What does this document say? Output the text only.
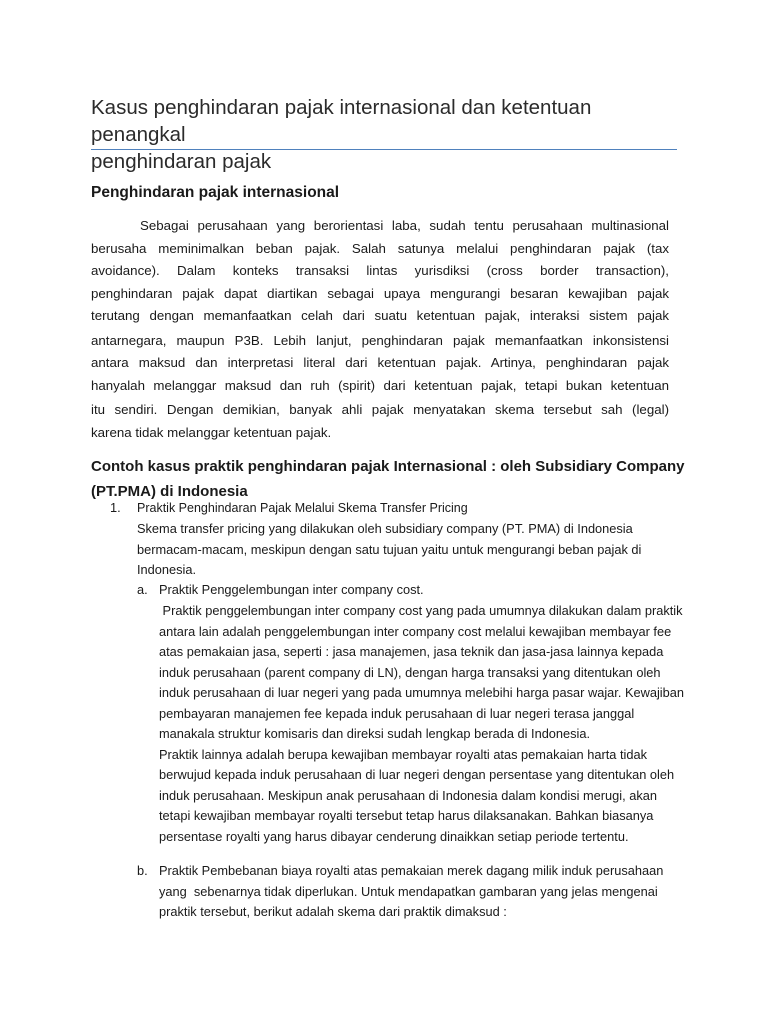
Kasus penghindaran pajak internasional dan ketentuan penangkal
penghindaran pajak
Penghindaran pajak internasional
Sebagai perusahaan yang berorientasi laba, sudah tentu perusahaan multinasional
berusaha meminimalkan beban pajak. Salah satunya melalui penghindaran pajak (tax
avoidance). Dalam konteks transaksi lintas yurisdiksi (cross border transaction),
penghindaran pajak dapat diartikan sebagai upaya mengurangi besaran kewajiban pajak
terutang dengan memanfaatkan celah dari suatu ketentuan pajak, interaksi sistem pajak
antarnegara, maupun P3B. Lebih lanjut, penghindaran pajak memanfaatkan inkonsistensi
antara maksud dan interpretasi literal dari ketentuan pajak. Artinya, penghindaran pajak
hanyalah melanggar maksud dan ruh (spirit) dari ketentuan pajak, tetapi bukan ketentuan
itu sendiri. Dengan demikian, banyak ahli pajak menyatakan skema tersebut sah (legal)
karena tidak melanggar ketentuan pajak.
Contoh kasus praktik penghindaran pajak Internasional : oleh Subsidiary Company
(PT.PMA) di Indonesia
1. Praktik Penghindaran Pajak Melalui Skema Transfer Pricing
Skema transfer pricing yang dilakukan oleh subsidiary company (PT. PMA) di Indonesia
bermacam-macam, meskipun dengan satu tujuan yaitu untuk mengurangi beban pajak di
Indonesia.
a. Praktik Penggelembungan inter company cost.
Praktik penggelembungan inter company cost yang pada umumnya dilakukan dalam praktik
antara lain adalah penggelembungan inter company cost melalui kewajiban membayar fee
atas pemakaian jasa, seperti : jasa manajemen, jasa teknik dan jasa-jasa lainnya kepada
induk perusahaan (parent company di LN), dengan harga transaksi yang ditentukan oleh
induk perusahaan di luar negeri yang pada umumnya melebihi harga pasar wajar. Kewajiban
pembayaran manajemen fee kepada induk perusahaan di luar negeri terasa janggal
manakala struktur komisaris dan direksi sudah lengkap berada di Indonesia.
Praktik lainnya adalah berupa kewajiban membayar royalti atas pemakaian harta tidak
berwujud kepada induk perusahaan di luar negeri dengan persentase yang ditentukan oleh
induk perusahaan. Meskipun anak perusahaan di Indonesia dalam kondisi merugi, akan
tetapi kewajiban membayar royalti tersebut tetap harus dilaksanakan. Bahkan biasanya
persentase royalti yang harus dibayar cenderung dinaikkan setiap periode tertentu.
b. Praktik Pembebanan biaya royalti atas pemakaian merek dagang milik induk perusahaan
yang  sebenarnya tidak diperlukan. Untuk mendapatkan gambaran yang jelas mengenai
praktik tersebut, berikut adalah skema dari praktik dimaksud :
